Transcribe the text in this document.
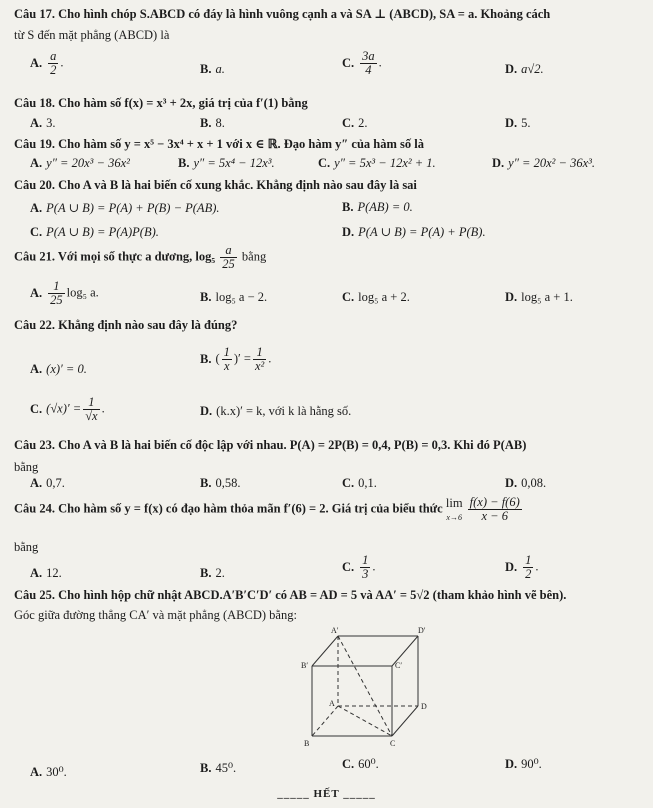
Câu 17. Cho hình chóp S.ABCD có đáy là hình vuông cạnh a và SA ⊥ (ABCD), SA = a. Khoảng cách
từ S đến mặt phẳng (ABCD) là
A. $\frac{a}{2}$ .	B. a.	C. $\frac{3a}{4}$ .	D. a√2.
Câu 18. Cho hàm số f(x) = x³ + 2x, giá trị của f′(1) bằng
A. 3.	B. 8.	C. 2.	D. 5.
Câu 19. Cho hàm số y = x⁵ − 3x⁴ + x + 1 với x ∈ ℝ. Đạo hàm y″ của hàm số là
A. y″ = 20x³ − 36x²	B. y″ = 5x⁴ − 12x³.	C. y″ = 5x³ − 12x² + 1.	D. y″ = 20x² − 36x³.
Câu 20. Cho A và B là hai biến cố xung khắc. Khẳng định nào sau đây là sai
A. P(A ∪ B) = P(A) + P(B) − P(AB).	B. P(AB) = 0.
C. P(A ∪ B) = P(A)P(B).	D. P(A ∪ B) = P(A) + P(B).
Câu 21. Với mọi số thực a dương, $\log_5 \frac{a}{25}$ bằng
A. $\frac{1}{25} \log_5$ a.	B. log₅ a − 2.	C. log₅ a + 2.	D. log₅ a + 1.
Câu 22. Khẳng định nào sau đây là đúng?
A. (x)′ = 0.
B. ( $\frac{1}{x}$ )′ = $\frac{1}{\text{x²}}$ .
C. $(√x)' = \frac{1}{√x}$ .	D. (k.x)′ = k, với k là hằng số.
Câu 23. Cho A và B là hai biến cố độc lập với nhau. P(A) = 2P(B) = 0,4, P(B) = 0,3. Khi đó P(AB)
bằng
A. 0,7.	B. 0,58.	C. 0,1.	D. 0,08.
Câu 24. Cho hàm số y = f(x) có đạo hàm thỏa mãn f′(6) = 2. Giá trị của biểu thức lim
$x\to 6 \frac{f(x) - f(6)}{x - 6}$
bằng
A. 12.	B. 2.	C. $\frac{1}{3}$ .	D. $\frac{1}{2}$ .
Câu 25. Cho hình hộp chữ nhật ABCD.A′B′C′D′ có AB = AD = 5 và AA′ = 5√2 (tham khảo hình vẽ bên).
Góc giữa đường thẳng CA′ và mặt phẳng (ABCD) bằng:
A′	D′
B′	C′
A	D
B	C
A. 30⁰.	B. 45⁰.	C. 60⁰.	D. 90⁰.
_____ HẾT _____
